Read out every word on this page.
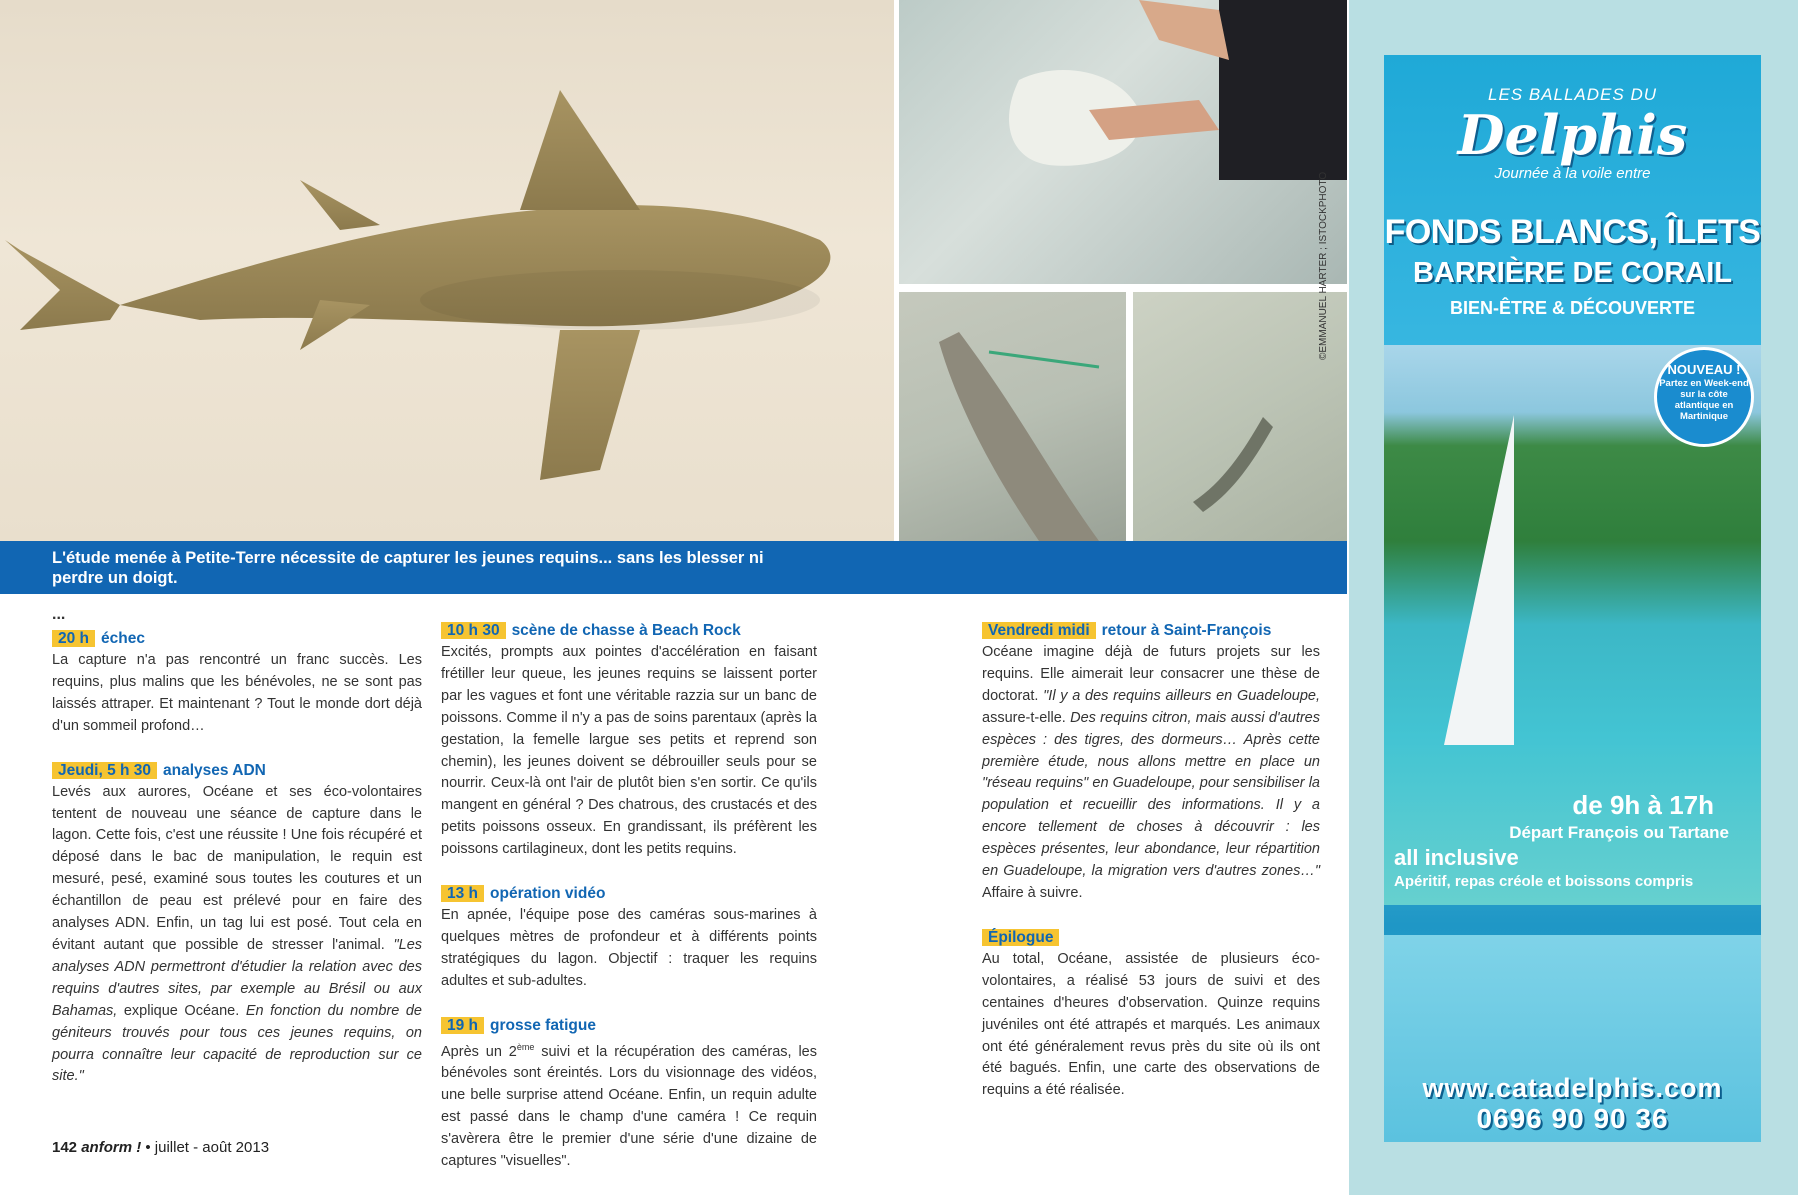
©EMMANUEL HARTER ; ISTOCKPHOTO
L'étude menée à Petite-Terre nécessite de capturer les jeunes requins... sans les blesser ni perdre un doigt.
...
20 h échec

La capture n'a pas rencontré un franc succès. Les requins, plus malins que les bénévoles, ne se sont pas laissés attraper. Et maintenant ? Tout le monde dort déjà d'un sommeil profond…

Jeudi, 5 h 30 analyses ADN

Levés aux aurores, Océane et ses éco-volontaires tentent de nouveau une séance de capture dans le lagon. Cette fois, c'est une réussite ! Une fois récupéré et déposé dans le bac de manipulation, le requin est mesuré, pesé, examiné sous toutes les coutures et un échantillon de peau est prélevé pour en faire des analyses ADN. Enfin, un tag lui est posé. Tout cela en évitant autant que possible de stresser l'animal. "Les analyses ADN permettront d'étudier la relation avec des requins d'autres sites, par exemple au Brésil ou aux Bahamas, explique Océane. En fonction du nombre de géniteurs trouvés pour tous ces jeunes requins, on pourra connaître leur capacité de reproduction sur ce site."

10 h 30 scène de chasse à Beach Rock

Excités, prompts aux pointes d'accélération en faisant frétiller leur queue, les jeunes requins se laissent porter par les vagues et font une véritable razzia sur un banc de poissons. Comme il n'y a pas de soins parentaux (après la gestation, la femelle largue ses petits et reprend son chemin), les jeunes doivent se débrouiller seuls pour se nourrir. Ceux-là ont l'air de plutôt bien s'en sortir. Ce qu'ils mangent en général ? Des chatrous, des crustacés et des petits poissons osseux. En grandissant, ils préfèrent les poissons cartilagineux, dont les petits requins.

13 h opération vidéo

En apnée, l'équipe pose des caméras sous-marines à quelques mètres de profondeur et à différents points stratégiques du lagon. Objectif : traquer les requins adultes et sub-adultes.

19 h grosse fatigue

Après un 2ème suivi et la récupération des caméras, les bénévoles sont éreintés. Lors du visionnage des vidéos, une belle surprise attend Océane. Enfin, un requin adulte est passé dans le champ d'une caméra ! Ce requin s'avèrera être le premier d'une série d'une dizaine de captures "visuelles".

Vendredi midi retour à Saint-François

Océane imagine déjà de futurs projets sur les requins. Elle aimerait leur consacrer une thèse de doctorat. "Il y a des requins ailleurs en Guadeloupe, assure-t-elle. Des requins citron, mais aussi d'autres espèces : des tigres, des dormeurs… Après cette première étude, nous allons mettre en place un "réseau requins" en Guadeloupe, pour sensibiliser la population et recueillir des informations. Il y a encore tellement de choses à découvrir : les espèces présentes, leur abondance, leur répartition en Guadeloupe, la migration vers d'autres zones…" Affaire à suivre.

Épilogue

Au total, Océane, assistée de plusieurs éco-volontaires, a réalisé 53 jours de suivi et des centaines d'heures d'observation. Quinze requins juvéniles ont été attrapés et marqués. Les animaux ont été généralement revus près du site où ils ont été bagués. Enfin, une carte des observations de requins a été réalisée.

142 anform ! • juillet - août 2013
LES BALLADES DU
Delphis
Journée à la voile entre
FONDS BLANCS, ÎLETS
BARRIÈRE DE CORAIL
BIEN-ÊTRE & DÉCOUVERTE
NOUVEAU !
Partez en Week-end sur la côte atlantique en Martinique
de 9h à 17h
Départ François ou Tartane
all inclusive
Apéritif, repas créole et boissons compris
www.catadelphis.com
0696 90 90 36
